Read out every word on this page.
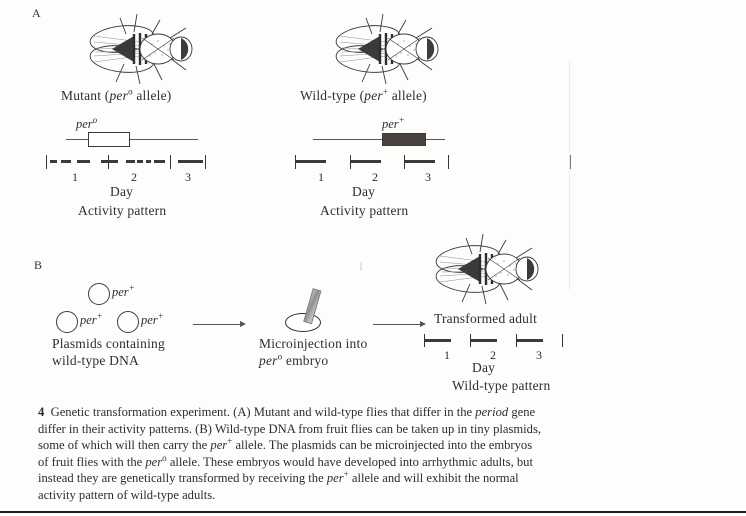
A
Mutant (per$^o$ allele)
per$^o$
1	2	3
Day
Activity pattern
Wild-type (per+ allele)
per+
1	2	3
Day
Activity pattern
B
per+
per+	per+
Plasmids containing
wild-type DNA
Microinjection into
per$^o$ embryo
Transformed adult
1	2	3
Day
Wild-type pattern
4 Genetic transformation experiment. (A) Mutant and wild-type flies that differ in the period gene differ in their activity patterns. (B) Wild-type DNA from fruit flies can be taken up in tiny plasmids, some of which will then carry the per+ allele. The plasmids can be microinjected into the embryos of fruit flies with the per$^o$ allele. These embryos would have developed into arrhythmic adults, but instead they are genetically transformed by receiving the per+ allele and will exhibit the normal activity pattern of wild-type adults.
